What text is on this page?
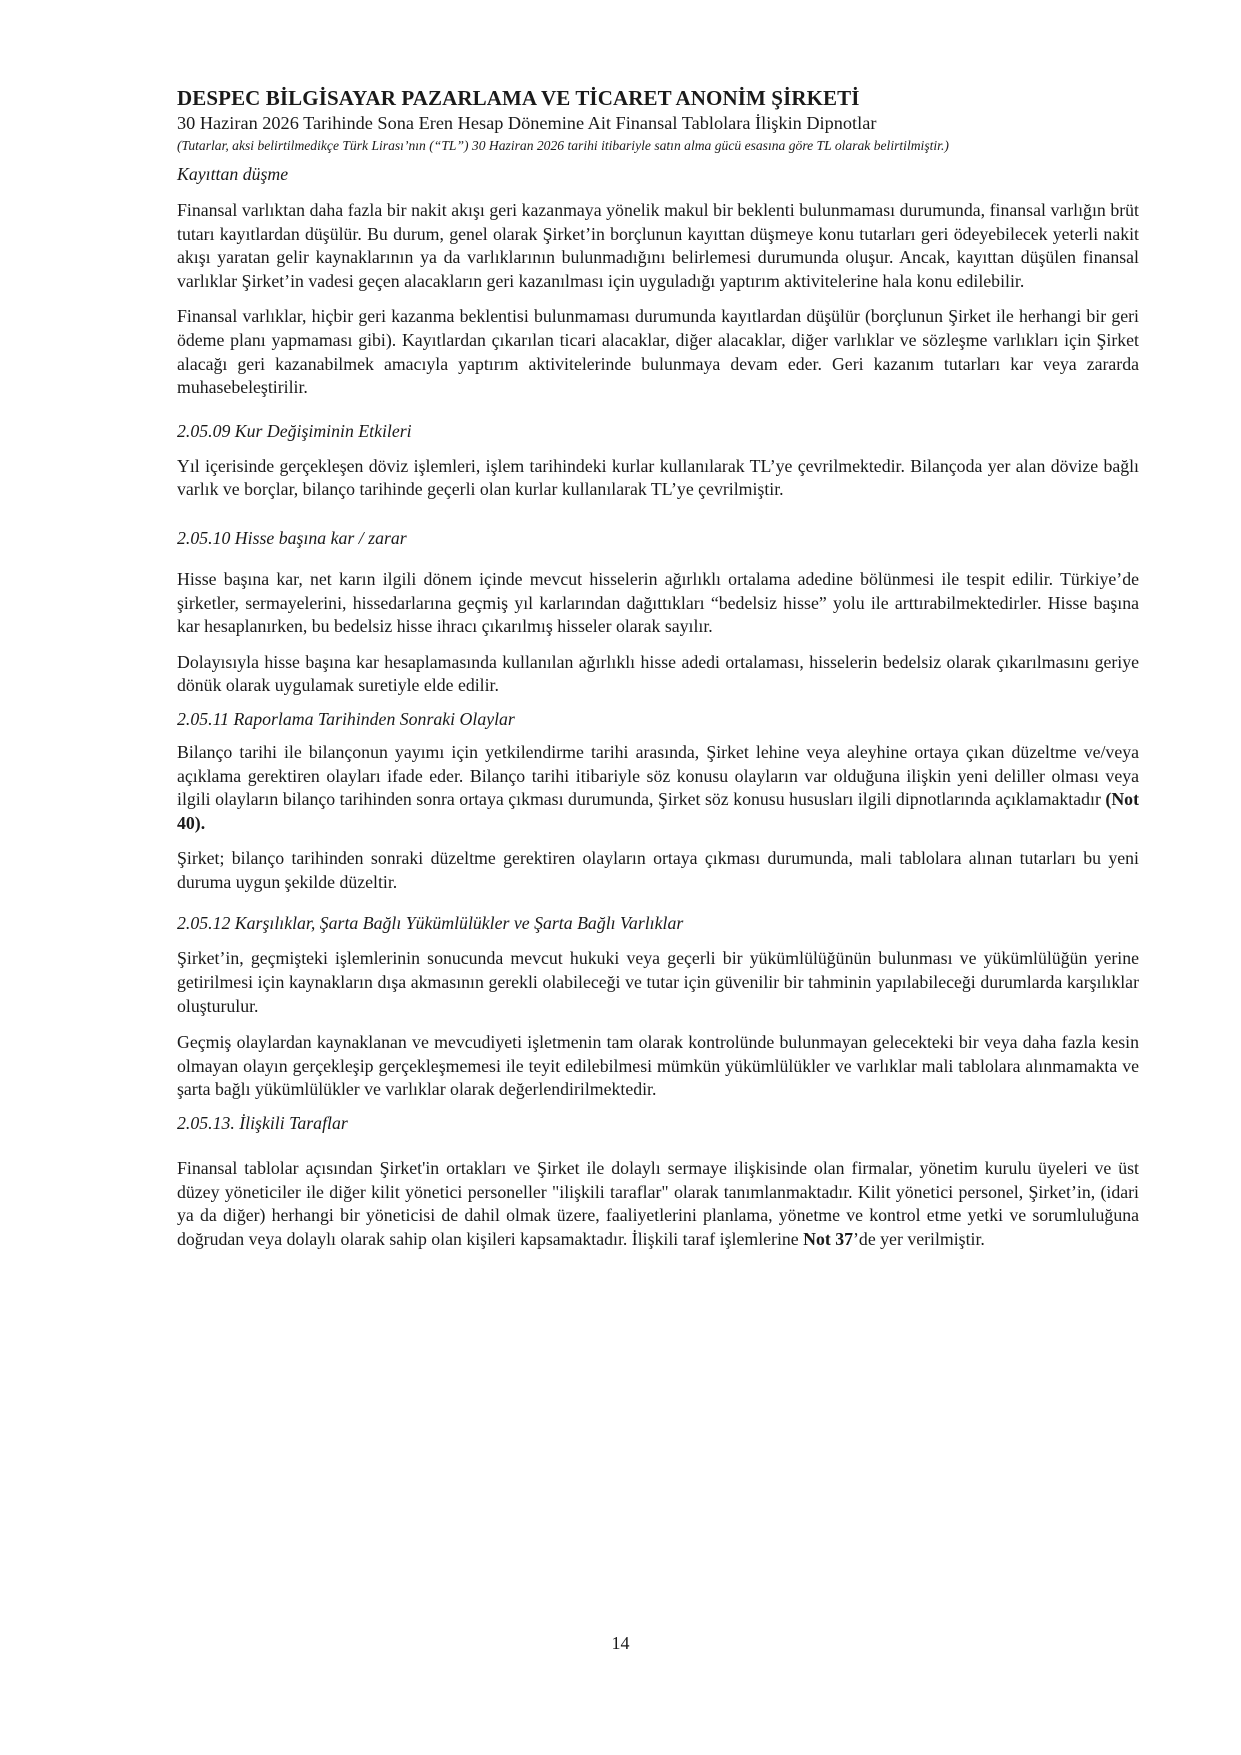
DESPEC BİLGİSAYAR PAZARLAMA VE TİCARET ANONİM ŞİRKETİ
30 Haziran 2026 Tarihinde Sona Eren Hesap Dönemine Ait Finansal Tablolara İlişkin Dipnotlar
(Tutarlar, aksi belirtilmedikçe Türk Lirası’nın (“TL”) 30 Haziran 2026 tarihi itibariyle satın alma gücü esasına göre TL olarak belirtilmiştir.)
Kayıttan düşme

Finansal varlıktan daha fazla bir nakit akışı geri kazanmaya yönelik makul bir beklenti bulunmaması durumunda, finansal varlığın brüt tutarı kayıtlardan düşülür. Bu durum, genel olarak Şirket’in borçlunun kayıttan düşmeye konu tutarları geri ödeyebilecek yeterli nakit akışı yaratan gelir kaynaklarının ya da varlıklarının bulunmadığını belirlemesi durumunda oluşur. Ancak, kayıttan düşülen finansal varlıklar Şirket’in vadesi geçen alacakların geri kazanılması için uyguladığı yaptırım aktivitelerine hala konu edilebilir.

Finansal varlıklar, hiçbir geri kazanma beklentisi bulunmaması durumunda kayıtlardan düşülür (borçlunun Şirket ile herhangi bir geri ödeme planı yapmaması gibi). Kayıtlardan çıkarılan ticari alacaklar, diğer alacaklar, diğer varlıklar ve sözleşme varlıkları için Şirket alacağı geri kazanabilmek amacıyla yaptırım aktivitelerinde bulunmaya devam eder. Geri kazanım tutarları kar veya zararda muhasebeleştirilir.

2.05.09 Kur Değişiminin Etkileri

Yıl içerisinde gerçekleşen döviz işlemleri, işlem tarihindeki kurlar kullanılarak TL’ye çevrilmektedir. Bilançoda yer alan dövize bağlı varlık ve borçlar, bilanço tarihinde geçerli olan kurlar kullanılarak TL’ye çevrilmiştir.

2.05.10 Hisse başına kar / zarar

Hisse başına kar, net karın ilgili dönem içinde mevcut hisselerin ağırlıklı ortalama adedine bölünmesi ile tespit edilir. Türkiye’de şirketler, sermayelerini, hissedarlarına geçmiş yıl karlarından dağıttıkları “bedelsiz hisse” yolu ile arttırabilmektedirler. Hisse başına kar hesaplanırken, bu bedelsiz hisse ihracı çıkarılmış hisseler olarak sayılır.

Dolayısıyla hisse başına kar hesaplamasında kullanılan ağırlıklı hisse adedi ortalaması, hisselerin bedelsiz olarak çıkarılmasını geriye dönük olarak uygulamak suretiyle elde edilir.

2.05.11 Raporlama Tarihinden Sonraki Olaylar

Bilanço tarihi ile bilançonun yayımı için yetkilendirme tarihi arasında, Şirket lehine veya aleyhine ortaya çıkan düzeltme ve/veya açıklama gerektiren olayları ifade eder. Bilanço tarihi itibariyle söz konusu olayların var olduğuna ilişkin yeni deliller olması veya ilgili olayların bilanço tarihinden sonra ortaya çıkması durumunda, Şirket söz konusu hususları ilgili dipnotlarında açıklamaktadır (Not 40).

Şirket; bilanço tarihinden sonraki düzeltme gerektiren olayların ortaya çıkması durumunda, mali tablolara alınan tutarları bu yeni duruma uygun şekilde düzeltir.

2.05.12 Karşılıklar, Şarta Bağlı Yükümlülükler ve Şarta Bağlı Varlıklar

Şirket’in, geçmişteki işlemlerinin sonucunda mevcut hukuki veya geçerli bir yükümlülüğünün bulunması ve yükümlülüğün yerine getirilmesi için kaynakların dışa akmasının gerekli olabileceği ve tutar için güvenilir bir tahminin yapılabileceği durumlarda karşılıklar oluşturulur.

Geçmiş olaylardan kaynaklanan ve mevcudiyeti işletmenin tam olarak kontrolünde bulunmayan gelecekteki bir veya daha fazla kesin olmayan olayın gerçekleşip gerçekleşmemesi ile teyit edilebilmesi mümkün yükümlülükler ve varlıklar mali tablolara alınmamakta ve şarta bağlı yükümlülükler ve varlıklar olarak değerlendirilmektedir.

2.05.13. İlişkili Taraflar

Finansal tablolar açısından Şirket'in ortakları ve Şirket ile dolaylı sermaye ilişkisinde olan firmalar, yönetim kurulu üyeleri ve üst düzey yöneticiler ile diğer kilit yönetici personeller "ilişkili taraflar" olarak tanımlanmaktadır. Kilit yönetici personel, Şirket’in, (idari ya da diğer) herhangi bir yöneticisi de dahil olmak üzere, faaliyetlerini planlama, yönetme ve kontrol etme yetki ve sorumluluğuna doğrudan veya dolaylı olarak sahip olan kişileri kapsamaktadır. İlişkili taraf işlemlerine Not 37’de yer verilmiştir.

14
